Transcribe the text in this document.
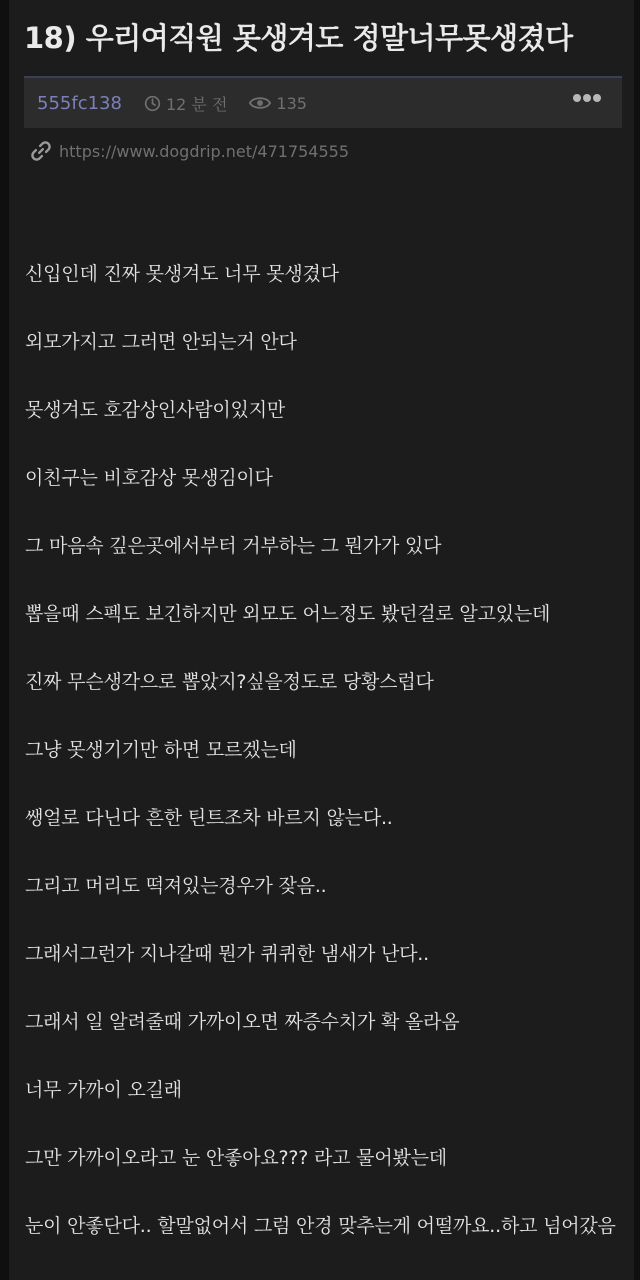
18) 우리여직원 못생겨도 정말너무못생겼다
555fc138	12 분 전	135
https://www.dogdrip.net/471754555

신입인데 진짜 못생겨도 너무 못생겼다

외모가지고 그러면 안되는거 안다

못생겨도 호감상인사람이있지만

이친구는 비호감상 못생김이다

그 마음속 깊은곳에서부터 거부하는 그 뭔가가 있다

뽑을때 스펙도 보긴하지만 외모도 어느정도 봤던걸로 알고있는데

진짜 무슨생각으로 뽑았지?싶을정도로 당황스럽다

그냥 못생기기만 하면 모르겠는데

쌩얼로 다닌다 흔한 틴트조차 바르지 않는다..

그리고 머리도 떡져있는경우가 잦음..

그래서그런가 지나갈때 뭔가 퀴퀴한 냄새가 난다..

그래서 일 알려줄때 가까이오면 짜증수치가 확 올라옴

너무 가까이 오길래

그만 가까이오라고 눈 안좋아요??? 라고 물어봤는데

눈이 안좋단다.. 할말없어서 그럼 안경 맞추는게 어떨까요..하고 넘어갔음
